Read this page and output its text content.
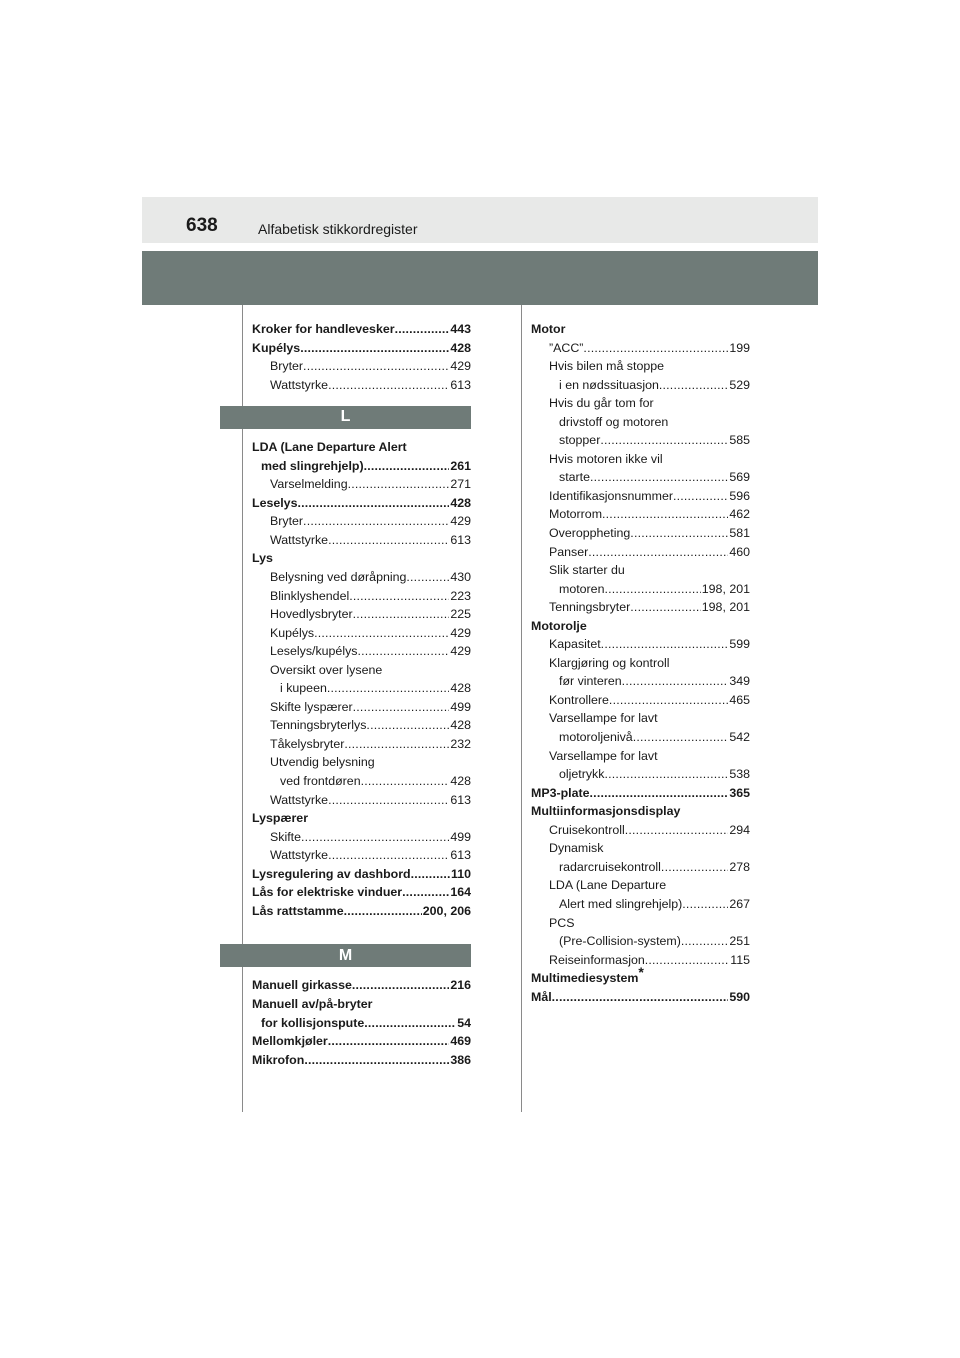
638	Alfabetisk stikkordregister
Kroker for handlevesker .....	443
Kupélys .....	428
Bryter .....	429
Wattstyrke .....	613
L
LDA (Lane Departure Alert
med slingrehjelp) .....	261
Varselmelding .....	271
Leselys .....	428
Bryter .....	429
Wattstyrke .....	613
Lys
Belysning ved døråpning .....	430
Blinklyshendel .....	223
Hovedlysbryter .....	225
Kupélys .....	429
Leselys/kupélys .....	429
Oversikt over lysene
i kupeen .....	428
Skifte lyspærer .....	499
Tenningsbryterlys .....	428
Tåkelysbryter .....	232
Utvendig belysning
ved frontdøren .....	428
Wattstyrke .....	613
Lyspærer
Skifte .....	499
Wattstyrke .....	613
Lysregulering av dashbord .....	110
Lås for elektriske vinduer .....	164
Lås rattstamme .....	200, 206
M
Manuell girkasse .....	216
Manuell av/på-bryter
for kollisjonspute .....	54
Mellomkjøler .....	469
Mikrofon .....	386
Motor
”ACC” .....	199
Hvis bilen må stoppe
i en nødssituasjon .....	529
Hvis du går tom for
drivstoff og motoren
stopper .....	585
Hvis motoren ikke vil
starte .....	569
Identifikasjonsnummer .....	596
Motorrom .....	462
Overoppheting .....	581
Panser .....	460
Slik starter du
motoren .....	198, 201
Tenningsbryter .....	198, 201
Motorolje
Kapasitet .....	599
Klargjøring og kontroll
før vinteren .....	349
Kontrollere .....	465
Varsellampe for lavt
motoroljenivå .....	542
Varsellampe for lavt
oljetrykk .....	538
MP3-plate .....	365
Multiinformasjonsdisplay
Cruisekontroll .....	294
Dynamisk
radarcruisekontroll .....	278
LDA (Lane Departure
Alert med slingrehjelp) .....	267
PCS
(Pre-Collision-system) .....	251
Reiseinformasjon .....	115
Multimediesystem*
Mål .....	590
